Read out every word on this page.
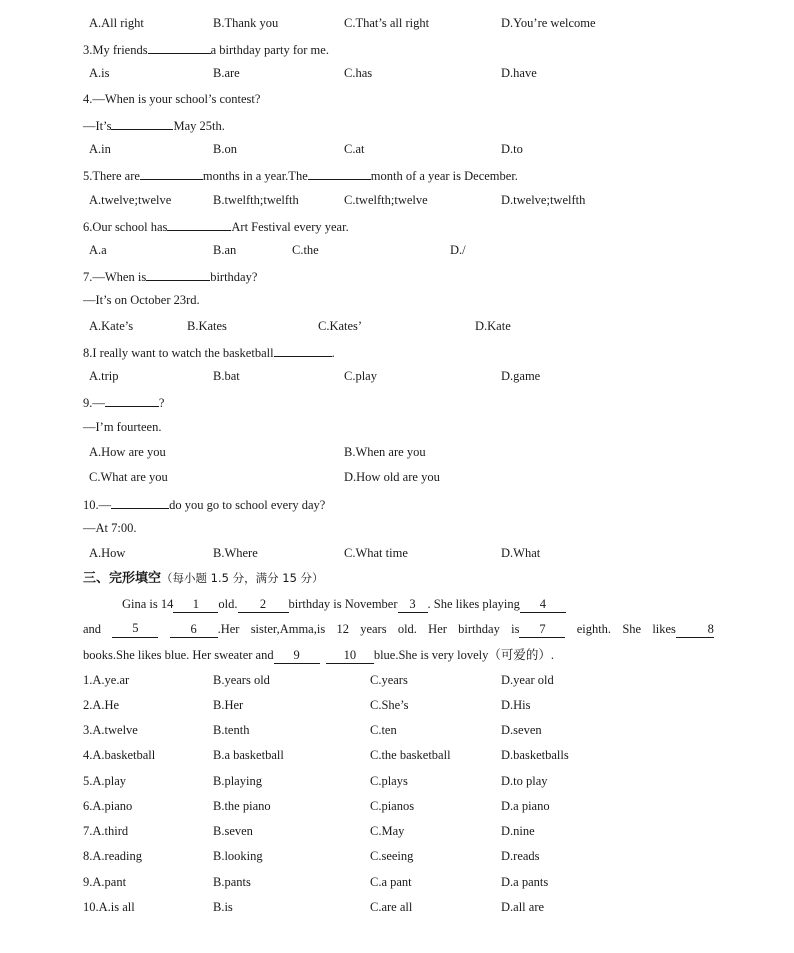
A.All right	B.Thank you	C.That’s all right	D.You’re welcome
3.My friends	a birthday party for me.
A.is	B.are	C.has	D.have
4.—When is your school’s contest?
—It’s	May 25th.
A.in	B.on	C.at	D.to
5.There are	months in a year.The	month of a year is December.
A.twelve;twelve	B.twelfth;twelfth	C.twelfth;twelve	D.twelve;twelfth
6.Our school has	Art Festival every year.
A.a	B.an	C.the	D./
7.—When is	birthday?
—It’s on October 23rd.
A.Kate’s	B.Kates	C.Kates’	D.Kate
8.I really want to watch the basketball	.
A.trip	B.bat	C.play	D.game
9.—	?
—I’m fourteen.
A.How are you	B.When are you
C.What are you	D.How old are you
10.—	do you go to school every day?
—At 7:00.
A.How	B.Where	C.What time	D.What
三、完形填空（每小题 1.5 分，满分 15 分）
Gina is 14 1 old. 2 birthday is November 3 . She likes playing 4
and	5	6 .Her sister,Amma,is 12 years old. Her birthday is 7	eighth. She likes	8
books.She likes blue. Her sweater and 9	10 blue.She is very lovely（可爱的）.
1.A.ye.ar	B.years old	C.years	D.year old
2.A.He	B.Her	C.She’s	D.His
3.A.twelve	B.tenth	C.ten	D.seven
4.A.basketball	B.a basketball	C.the basketball	D.basketballs
5.A.play	B.playing	C.plays	D.to play
6.A.piano	B.the piano	C.pianos	D.a piano
7.A.third	B.seven	C.May	D.nine
8.A.reading	B.looking	C.seeing	D.reads
9.A.pant	B.pants	C.a pant	D.a pants
10.A.is all	B.is	C.are all	D.all are
